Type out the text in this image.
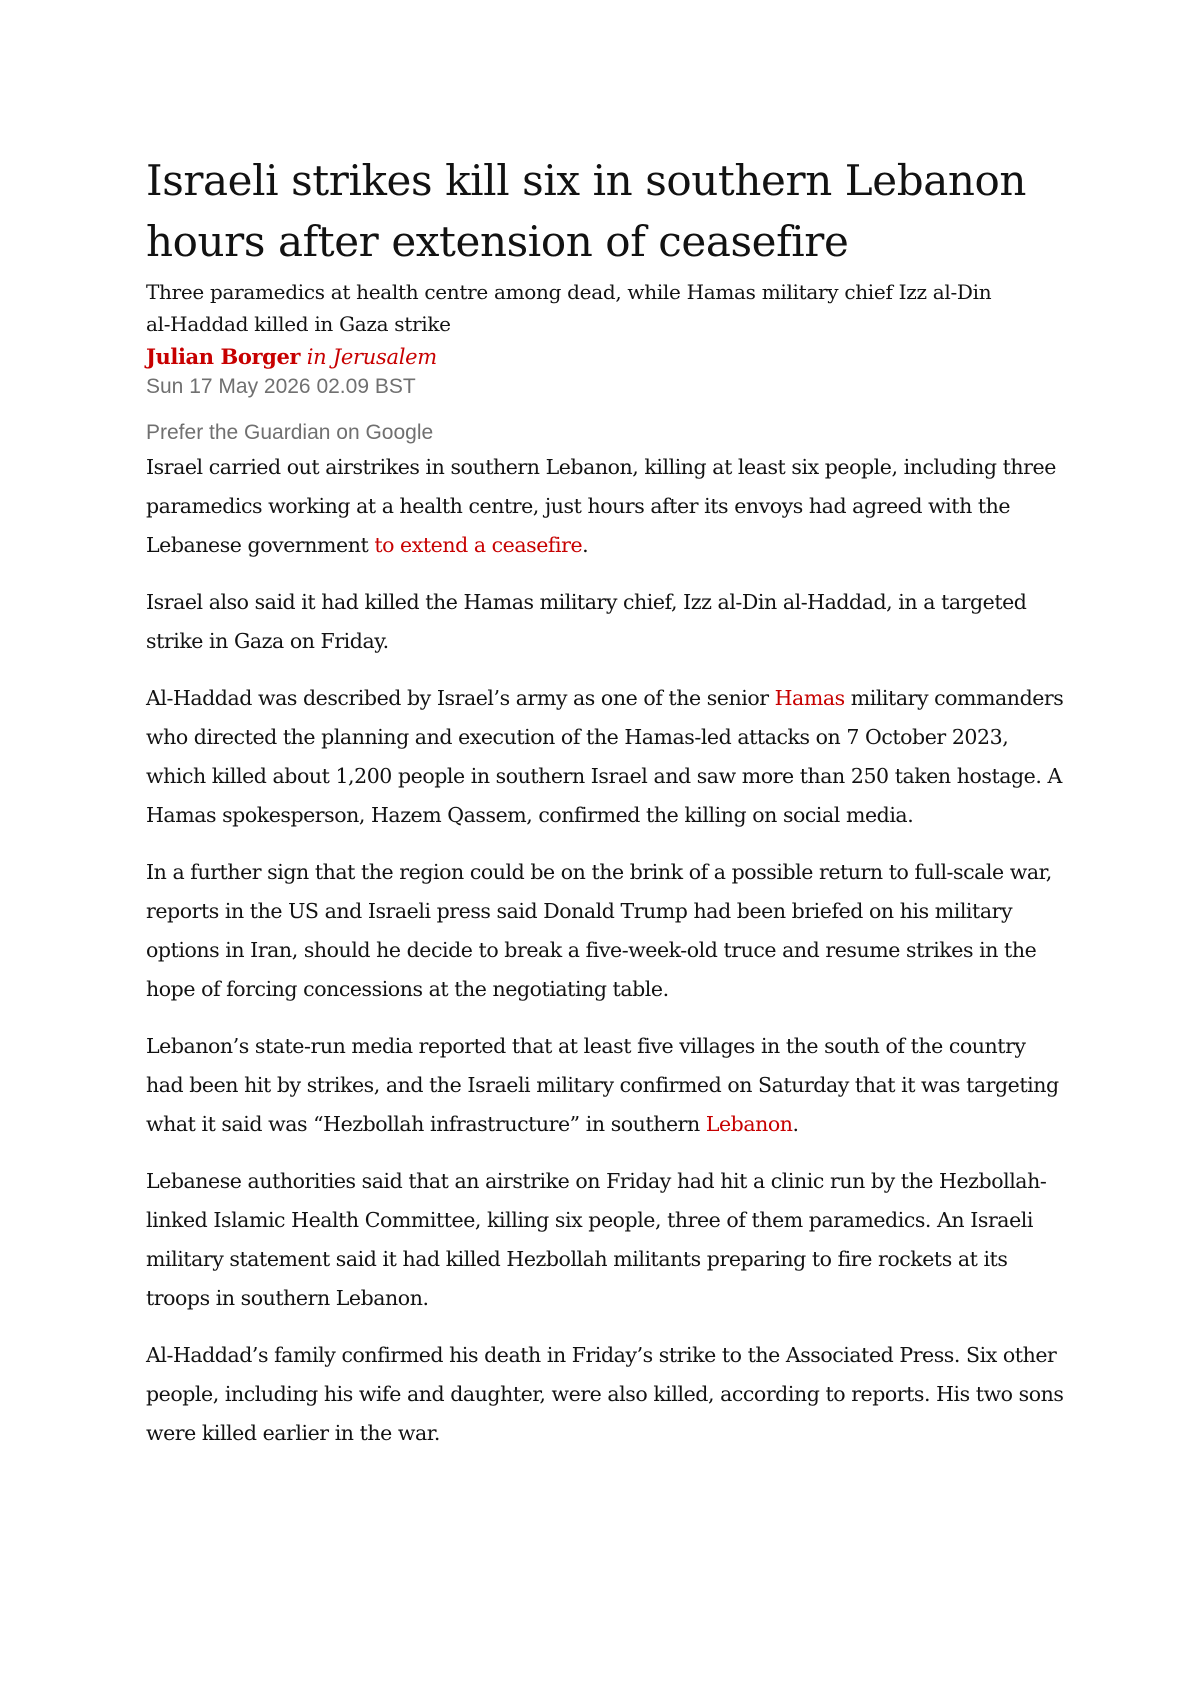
Israeli strikes kill six in southern Lebanon hours after extension of ceasefire
Three paramedics at health centre among dead, while Hamas military chief Izz al-Din al-Haddad killed in Gaza strike
Julian Borger in Jerusalem
Sun 17 May 2026 02.09 BST
Prefer the Guardian on Google

Israel carried out airstrikes in southern Lebanon, killing at least six people, including three paramedics working at a health centre, just hours after its envoys had agreed with the Lebanese government to extend a ceasefire.

Israel also said it had killed the Hamas military chief, Izz al-Din al-Haddad, in a targeted strike in Gaza on Friday.

Al-Haddad was described by Israel’s army as one of the senior Hamas military commanders who directed the planning and execution of the Hamas-led attacks on 7 October 2023, which killed about 1,200 people in southern Israel and saw more than 250 taken hostage. A Hamas spokesperson, Hazem Qassem, confirmed the killing on social media.

In a further sign that the region could be on the brink of a possible return to full-scale war, reports in the US and Israeli press said Donald Trump had been briefed on his military options in Iran, should he decide to break a five-week-old truce and resume strikes in the hope of forcing concessions at the negotiating table.

Lebanon’s state-run media reported that at least five villages in the south of the country had been hit by strikes, and the Israeli military confirmed on Saturday that it was targeting what it said was “Hezbollah infrastructure” in southern Lebanon.

Lebanese authorities said that an airstrike on Friday had hit a clinic run by the Hezbollah-linked Islamic Health Committee, killing six people, three of them paramedics. An Israeli military statement said it had killed Hezbollah militants preparing to fire rockets at its troops in southern Lebanon.

Al-Haddad’s family confirmed his death in Friday’s strike to the Associated Press. Six other people, including his wife and daughter, were also killed, according to reports. His two sons were killed earlier in the war.
